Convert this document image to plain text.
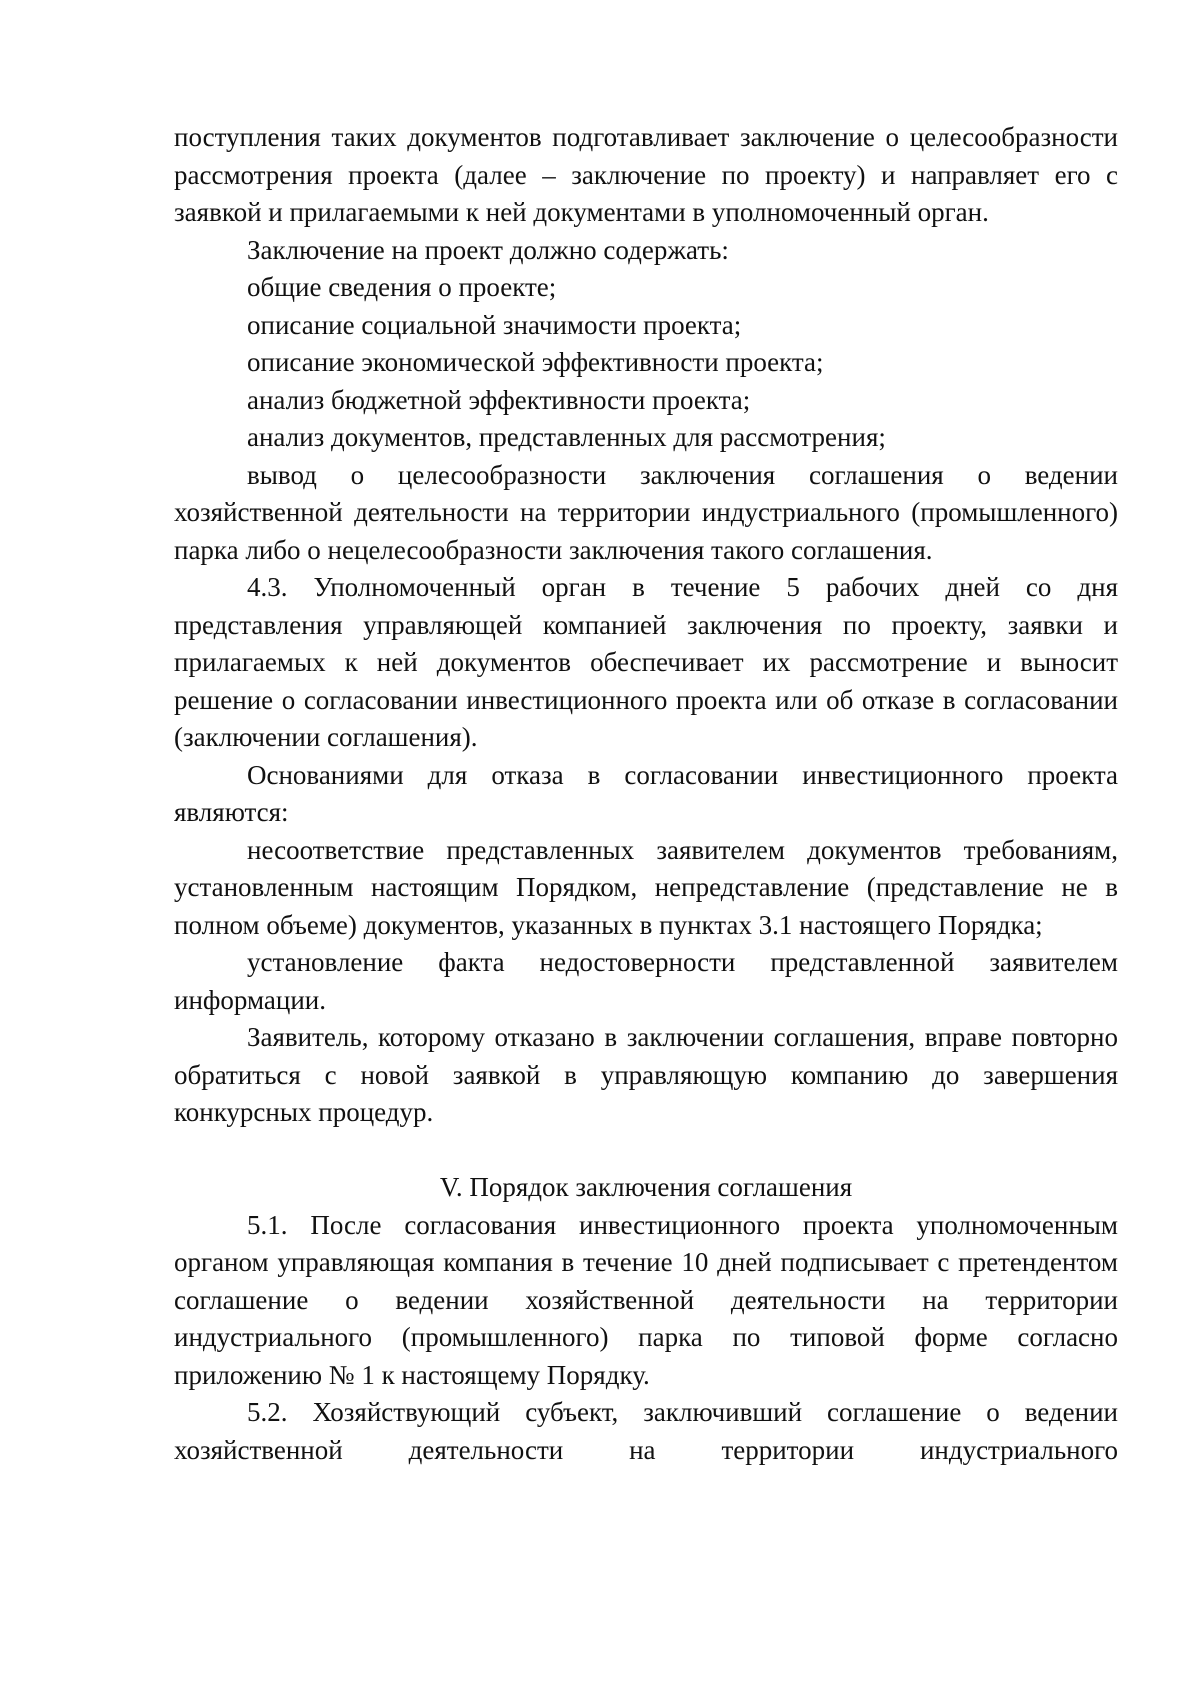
поступления таких документов подготавливает заключение о целесообразности рассмотрения проекта (далее – заключение по проекту) и направляет его с заявкой и прилагаемыми к ней документами в уполномоченный орган.

Заключение на проект должно содержать:

общие сведения о проекте;

описание социальной значимости проекта;

описание экономической эффективности проекта;

анализ бюджетной эффективности проекта;

анализ документов, представленных для рассмотрения;

вывод о целесообразности заключения соглашения о ведении хозяйственной деятельности на территории индустриального (промышленного) парка либо о нецелесообразности заключения такого соглашения.

4.3. Уполномоченный орган в течение 5 рабочих дней со дня представления управляющей компанией заключения по проекту, заявки и прилагаемых к ней документов обеспечивает их рассмотрение и выносит решение о согласовании инвестиционного проекта или об отказе в согласовании (заключении соглашения).

Основаниями для отказа в согласовании инвестиционного проекта являются:

несоответствие представленных заявителем документов требованиям, установленным настоящим Порядком, непредставление (представление не в полном объеме) документов, указанных в пунктах 3.1 настоящего Порядка;

установление факта недостоверности представленной заявителем информации.

Заявитель, которому отказано в заключении соглашения, вправе повторно обратиться с новой заявкой в управляющую компанию до завершения конкурсных процедур.

V. Порядок заключения соглашения

5.1. После согласования инвестиционного проекта уполномоченным органом управляющая компания в течение 10 дней подписывает с претендентом соглашение о ведении хозяйственной деятельности на территории индустриального (промышленного) парка по типовой форме согласно приложению № 1 к настоящему Порядку.

5.2. Хозяйствующий субъект, заключивший соглашение о ведении хозяйственной деятельности на территории индустриального
